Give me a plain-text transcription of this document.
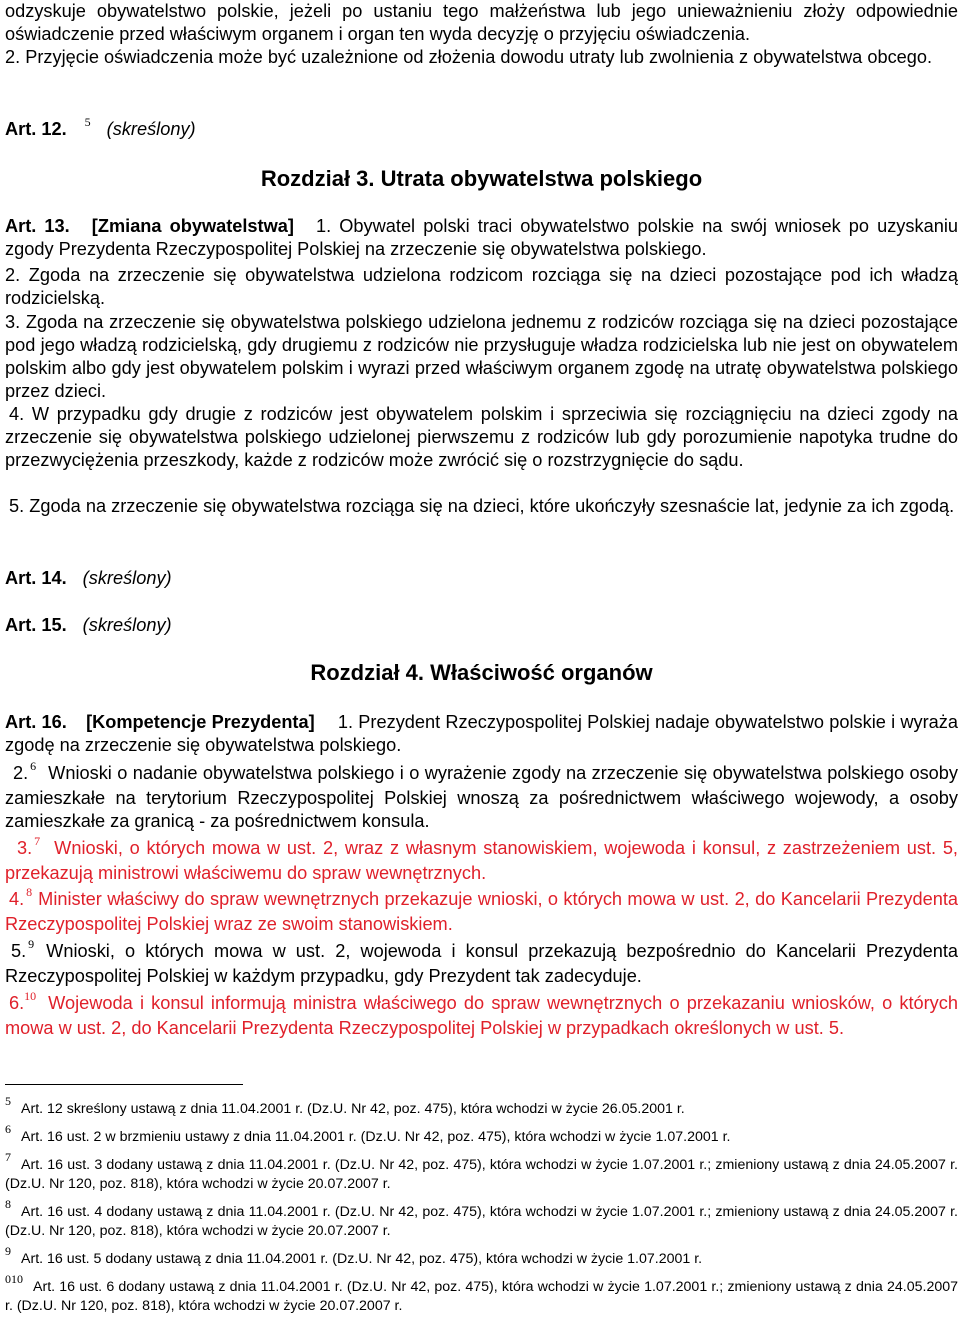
odzyskuje obywatelstwo polskie, jeżeli po ustaniu tego małżeństwa lub jego unieważnieniu złoży odpowiednie oświadczenie przed właściwym organem i organ ten wyda decyzję o przyjęciu oświadczenia.

2. Przyjęcie oświadczenia może być uzależnione od złożenia dowodu utraty lub zwolnienia z obywatelstwa obcego.

Art. 12. $^5$ (skreślony)

Rozdział 3. Utrata obywatelstwa polskiego

Art. 13. [Zmiana obywatelstwa] 1. Obywatel polski traci obywatelstwo polskie na swój wniosek po uzyskaniu zgody Prezydenta Rzeczypospolitej Polskiej na zrzeczenie się obywatelstwa polskiego.

2. Zgoda na zrzeczenie się obywatelstwa udzielona rodzicom rozciąga się na dzieci pozostające pod ich władzą rodzicielską.

3. Zgoda na zrzeczenie się obywatelstwa polskiego udzielona jednemu z rodziców rozciąga się na dzieci pozostające pod jego władzą rodzicielską, gdy drugiemu z rodziców nie przysługuje władza rodzicielska lub nie jest on obywatelem polskim albo gdy jest obywatelem polskim i wyrazi przed właściwym organem zgodę na utratę obywatelstwa polskiego przez dzieci.

4. W przypadku gdy drugie z rodziców jest obywatelem polskim i sprzeciwia się rozciągnięciu na dzieci zgody na zrzeczenie się obywatelstwa polskiego udzielonej pierwszemu z rodziców lub gdy porozumienie napotyka trudne do przezwyciężenia przeszkody, każde z rodziców może zwrócić się o rozstrzygnięcie do sądu.

5. Zgoda na zrzeczenie się obywatelstwa rozciąga się na dzieci, które ukończyły szesnaście lat, jedynie za ich zgodą.

Art. 14. (skreślony)

Art. 15. (skreślony)

Rozdział 4. Właściwość organów

Art. 16. [Kompetencje Prezydenta] 1. Prezydent Rzeczypospolitej Polskiej nadaje obywatelstwo polskie i wyraża zgodę na zrzeczenie się obywatelstwa polskiego.

2. $^6$ Wnioski o nadanie obywatelstwa polskiego i o wyrażenie zgody na zrzeczenie się obywatelstwa polskiego osoby zamieszkałe na terytorium Rzeczypospolitej Polskiej wnoszą za pośrednictwem właściwego wojewody, a osoby zamieszkałe za granicą - za pośrednictwem konsula.

3. $^7$ Wnioski, o których mowa w ust. 2, wraz z własnym stanowiskiem, wojewoda i konsul, z zastrzeżeniem ust. 5, przekazują ministrowi właściwemu do spraw wewnętrznych.

4. $^8$ Minister właściwy do spraw wewnętrznych przekazuje wnioski, o których mowa w ust. 2, do Kancelarii Prezydenta Rzeczypospolitej Polskiej wraz ze swoim stanowiskiem.

5. $^9$ Wnioski, o których mowa w ust. 2, wojewoda i konsul przekazują bezpośrednio do Kancelarii Prezydenta Rzeczypospolitej Polskiej w każdym przypadku, gdy Prezydent tak zadecyduje.

6.10 Wojewoda i konsul informują ministra właściwego do spraw wewnętrznych o przekazaniu wniosków, o których mowa w ust. 2, do Kancelarii Prezydenta Rzeczypospolitej Polskiej w przypadkach określonych w ust. 5.

$^5$ Art. 12 skreślony ustawą z dnia 11.04.2001 r. (Dz.U. Nr 42, poz. 475), która wchodzi w życie 26.05.2001 r.

$^6$ Art. 16 ust. 2 w brzmieniu ustawy z dnia 11.04.2001 r. (Dz.U. Nr 42, poz. 475), która wchodzi w życie 1.07.2001 r.

$^7$ Art. 16 ust. 3 dodany ustawą z dnia 11.04.2001 r. (Dz.U. Nr 42, poz. 475), która wchodzi w życie 1.07.2001 r.; zmieniony ustawą z dnia 24.05.2007 r. (Dz.U. Nr 120, poz. 818), która wchodzi w życie 20.07.2007 r.

$^8$ Art. 16 ust. 4 dodany ustawą z dnia 11.04.2001 r. (Dz.U. Nr 42, poz. 475), która wchodzi w życie 1.07.2001 r.; zmieniony ustawą z dnia 24.05.2007 r. (Dz.U. Nr 120, poz. 818), która wchodzi w życie 20.07.2007 r.

$^9$ Art. 16 ust. 5 dodany ustawą z dnia 11.04.2001 r. (Dz.U. Nr 42, poz. 475), która wchodzi w życie 1.07.2001 r.

$^{010}$ Art. 16 ust. 6 dodany ustawą z dnia 11.04.2001 r. (Dz.U. Nr 42, poz. 475), która wchodzi w życie 1.07.2001 r.; zmieniony ustawą z dnia 24.05.2007 r. (Dz.U. Nr 120, poz. 818), która wchodzi w życie 20.07.2007 r.
